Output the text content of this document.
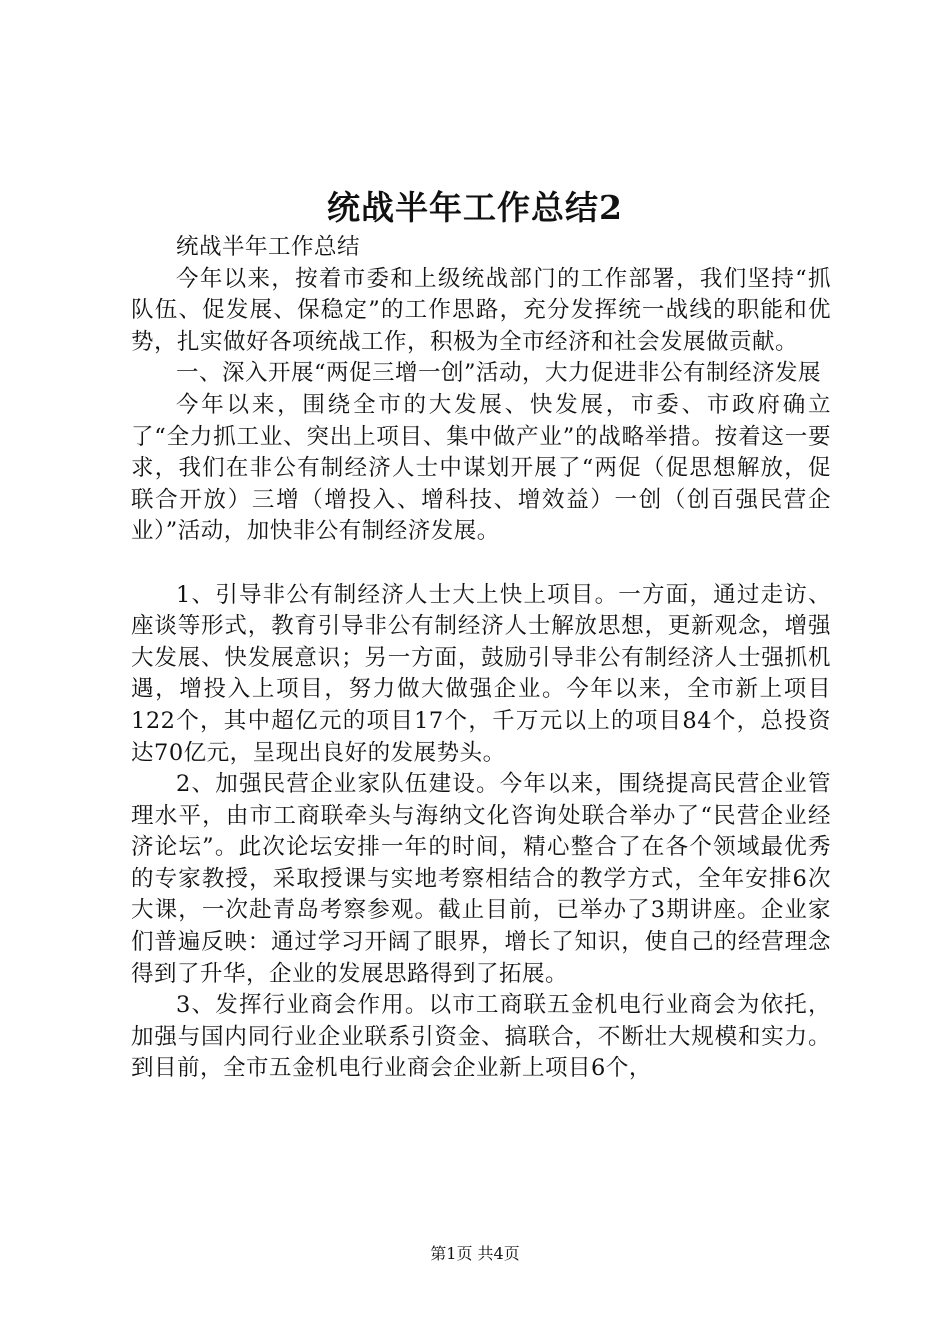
统战半年工作总结2

统战半年工作总结

今年以来，按着市委和上级统战部门的工作部署，我们坚持“抓队伍、促发展、保稳定”的工作思路，充分发挥统一战线的职能和优势，扎实做好各项统战工作，积极为全市经济和社会发展做贡献。

一、深入开展“两促三增一创”活动，大力促进非公有制经济发展

今年以来，围绕全市的大发展、快发展，市委、市政府确立了“全力抓工业、突出上项目、集中做产业”的战略举措。按着这一要求，我们在非公有制经济人士中谋划开展了“两促（促思想解放，促联合开放）三增（增投入、增科技、增效益）一创（创百强民营企业）”活动，加快非公有制经济发展。

1、引导非公有制经济人士大上快上项目。一方面，通过走访、座谈等形式，教育引导非公有制经济人士解放思想，更新观念，增强大发展、快发展意识；另一方面，鼓励引导非公有制经济人士强抓机遇，增投入上项目，努力做大做强企业。今年以来，全市新上项目122个，其中超亿元的项目17个，千万元以上的项目84个，总投资达70亿元，呈现出良好的发展势头。

2、加强民营企业家队伍建设。今年以来，围绕提高民营企业管理水平，由市工商联牵头与海纳文化咨询处联合举办了“民营企业经济论坛”。此次论坛安排一年的时间，精心整合了在各个领域最优秀的专家教授，采取授课与实地考察相结合的教学方式，全年安排6次大课，一次赴青岛考察参观。截止目前，已举办了3期讲座。企业家们普遍反映：通过学习开阔了眼界，增长了知识，使自己的经营理念得到了升华，企业的发展思路得到了拓展。

3、发挥行业商会作用。以市工商联五金机电行业商会为依托，加强与国内同行业企业联系引资金、搞联合，不断壮大规模和实力。到目前，全市五金机电行业商会企业新上项目6个，

第1页 共4页
